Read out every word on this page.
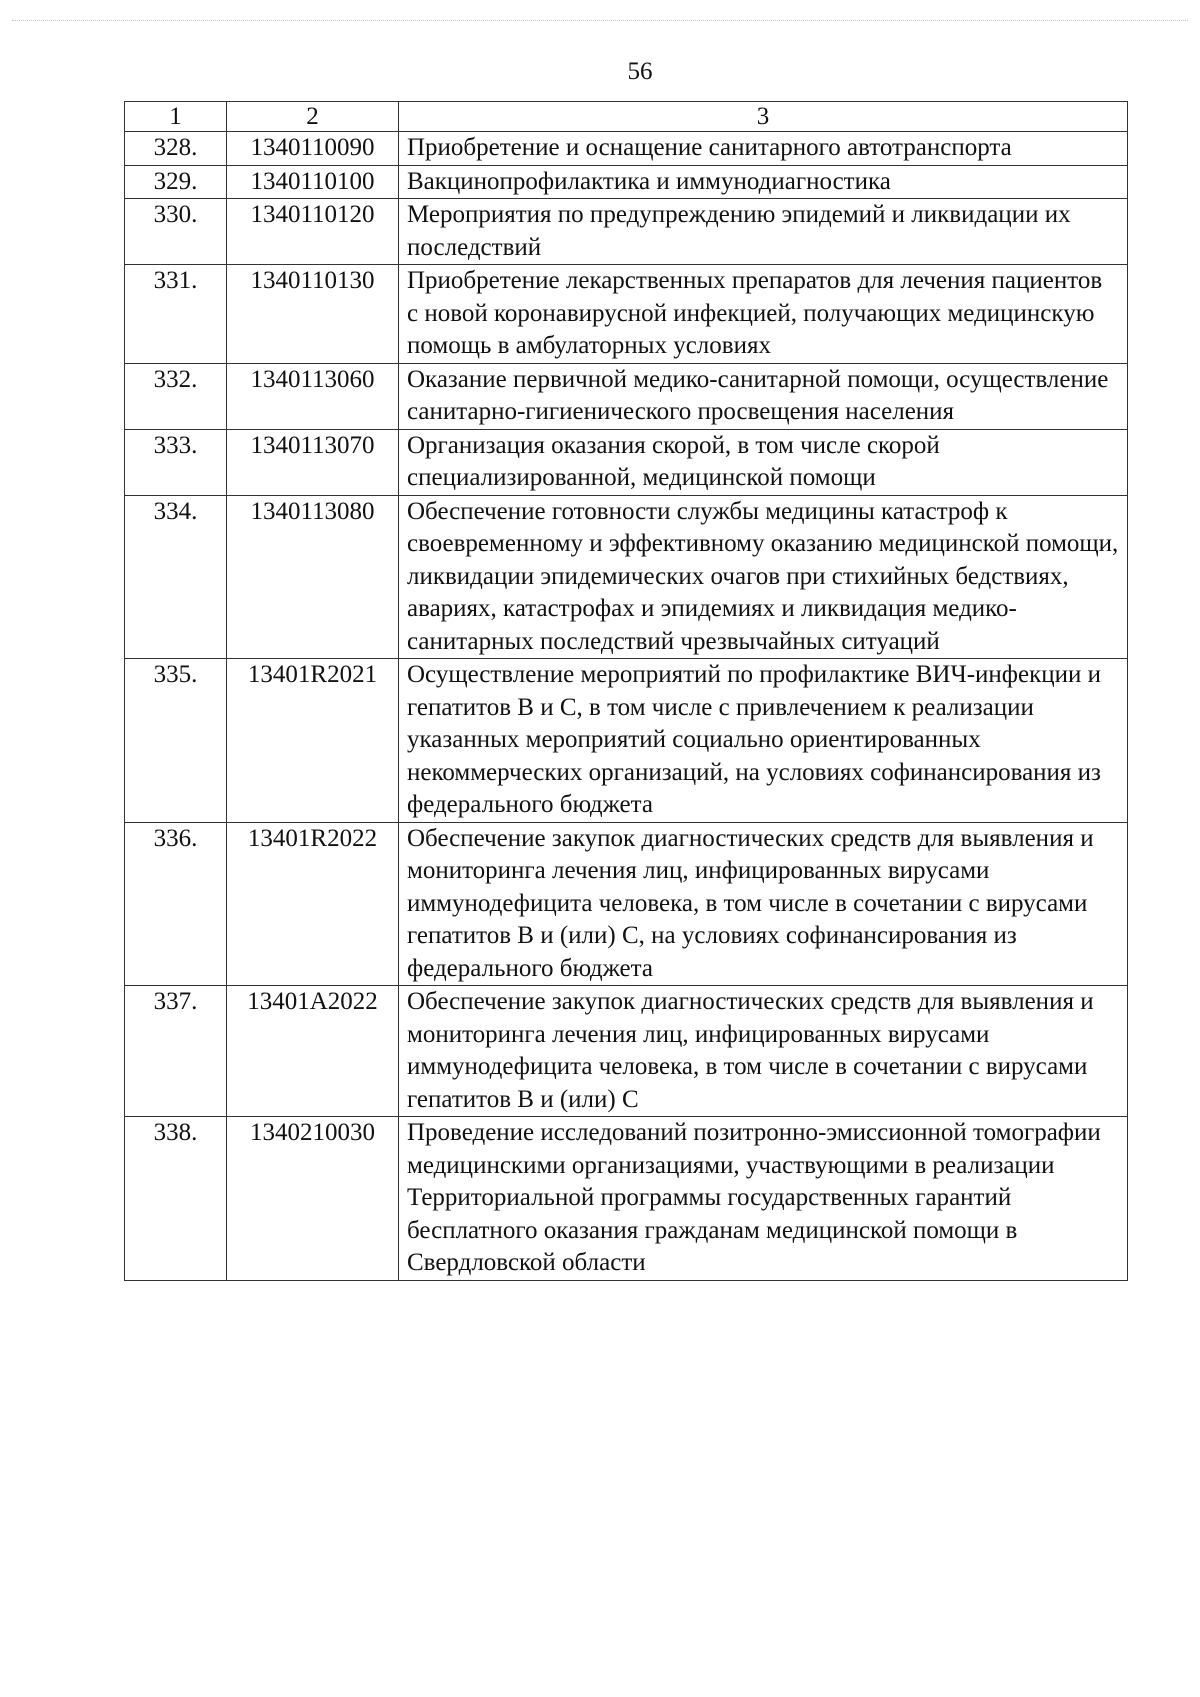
56
1	2	3
328.	1340110090	Приобретение и оснащение санитарного автотранспорта
329.	1340110100	Вакцинопрофилактика и иммунодиагностика
330.	1340110120	Мероприятия по предупреждению эпидемий и ликвидации их последствий
331.	1340110130	Приобретение лекарственных препаратов для лечения пациентов с новой коронавирусной инфекцией, получающих медицинскую помощь в амбулаторных условиях
332.	1340113060	Оказание первичной медико-санитарной помощи, осуществление санитарно-гигиенического просвещения населения
333.	1340113070	Организация оказания скорой, в том числе скорой специализированной, медицинской помощи
334.	1340113080	Обеспечение готовности службы медицины катастроф к своевременному и эффективному оказанию медицинской помощи, ликвидации эпидемических очагов при стихийных бедствиях, авариях, катастрофах и эпидемиях и ликвидация медико-санитарных последствий чрезвычайных ситуаций
335.	13401R2021	Осуществление мероприятий по профилактике ВИЧ-инфекции и гепатитов B и C, в том числе с привлечением к реализации указанных мероприятий социально ориентированных некоммерческих организаций, на условиях софинансирования из федерального бюджета
336.	13401R2022	Обеспечение закупок диагностических средств для выявления и мониторинга лечения лиц, инфицированных вирусами иммунодефицита человека, в том числе в сочетании с вирусами гепатитов B и (или) C, на условиях софинансирования из федерального бюджета
337.	13401A2022	Обеспечение закупок диагностических средств для выявления и мониторинга лечения лиц, инфицированных вирусами иммунодефицита человека, в том числе в сочетании с вирусами гепатитов B и (или) C
338.	1340210030	Проведение исследований позитронно-эмиссионной томографии медицинскими организациями, участвующими в реализации Территориальной программы государственных гарантий бесплатного оказания гражданам медицинской помощи в Свердловской области
